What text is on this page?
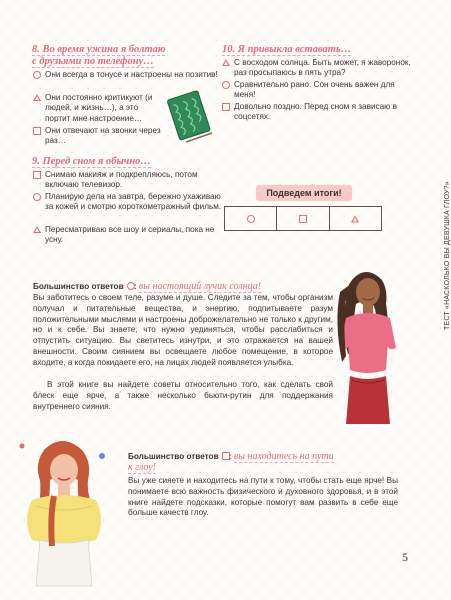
8. Во время ужина я болтаю
с друзьями по телефону…
Они всегда в тонусе и настроены на позитив!
Они постоянно критикуют (и людей, и жизнь…), а это портит мне настроение…
Они отвечают на звонки через раз…
9. Перед сном я обычно…
Снимаю макияж и подкрепляюсь, потом включаю телевизор.
Планирую дела на завтра, бережно ухаживаю за кожей и смотрю короткометражный фильм.
Пересматриваю все шоу и сериалы, пока не усну.
10. Я привыкла вставать…
С восходом солнца. Быть может, я жаворонок, раз просыпаюсь в пять утра?
Сравнительно рано. Сон очень важен для меня!
Довольно поздно. Перед сном я зависаю в соцсетях.
Подведем итоги!
Большинство ответов : вы настоящий лучик солнца!
Вы заботитесь о своем теле, разуме и душе. Следите за тем, чтобы организм получал и питательные вещества, и энергию, подпитываете разум положительными мыслями и настроены доброжелательно не только к другим, но и к себе. Вы знаете, что нужно уединяться, чтобы расслабиться и отпустить ситуацию. Вы светитесь изнутри, и это отражается на вашей внешности. Своим сиянием вы освещаете любое помещение, в которое входите, а когда покидаете его, на лицах людей появляется улыбка.
В этой книге вы найдете советы относительно того, как сделать свой блеск еще ярче, а также несколько бьюти-рутин для поддержания внутреннего сияния.
Большинство ответов : вы находитесь на пути
к глоу!
Вы уже сияете и находитесь на пути к тому, чтобы стать еще ярче! Вы понимаете всю важность физического и духовного здоровья, и в этой книге найдете подсказки, которые помогут вам развить в себе еще больше качеств глоу.
ТЕСТ «НАСКОЛЬКО ВЫ ДЕВУШКА ГЛОУ?»
5
